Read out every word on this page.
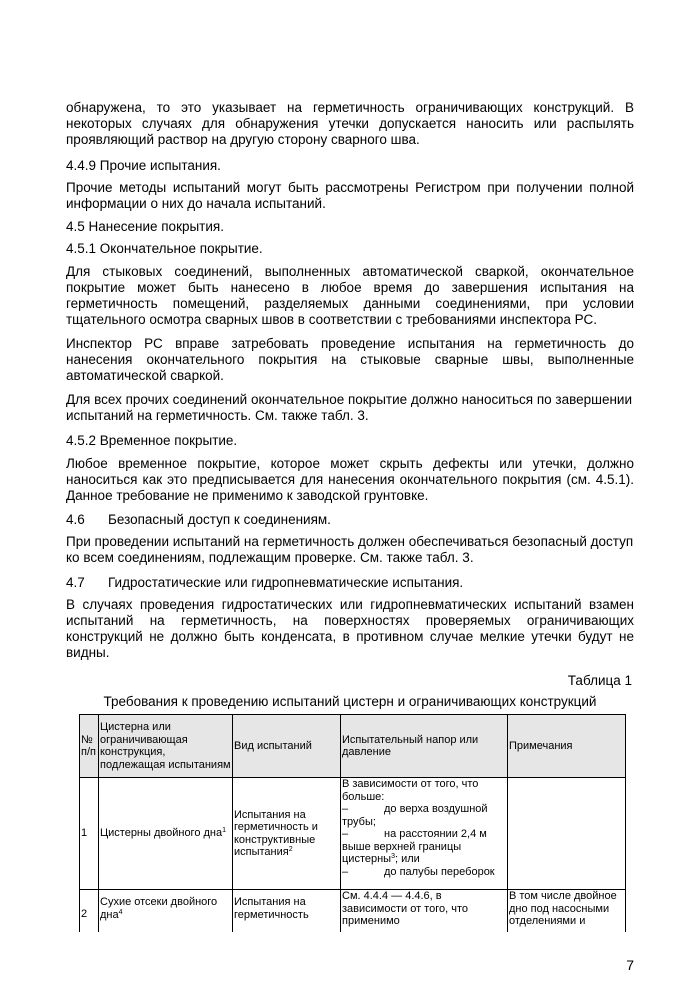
обнаружена, то это указывает на герметичность ограничивающих конструкций. В некоторых случаях для обнаружения утечки допускается наносить или распылять проявляющий раствор на другую сторону сварного шва.

4.4.9 Прочие испытания.

Прочие методы испытаний могут быть рассмотрены Регистром при получении полной информации о них до начала испытаний.

4.5 Нанесение покрытия.

4.5.1 Окончательное покрытие.

Для стыковых соединений, выполненных автоматической сваркой, окончательное покрытие может быть нанесено в любое время до завершения испытания на герметичность помещений, разделяемых данными соединениями, при условии тщательного осмотра сварных швов в соответствии с требованиями инспектора РС.

Инспектор РС вправе затребовать проведение испытания на герметичность до нанесения окончательного покрытия на стыковые сварные швы, выполненные автоматической сваркой.

Для всех прочих соединений окончательное покрытие должно наноситься по завершении испытаний на герметичность. См. также табл. 3.

4.5.2 Временное покрытие.

Любое временное покрытие, которое может скрыть дефекты или утечки, должно наноситься как это предписывается для нанесения окончательного покрытия (см. 4.5.1). Данное требование не применимо к заводской грунтовке.

4.6 Безопасный доступ к соединениям.

При проведении испытаний на герметичность должен обеспечиваться безопасный доступ ко всем соединениям, подлежащим проверке. См. также табл. 3.

4.7 Гидростатические или гидропневматические испытания.

В случаях проведения гидростатических или гидропневматических испытаний взамен испытаний на герметичность, на поверхностях проверяемых ограничивающих конструкций не должно быть конденсата, в противном случае мелкие утечки будут не видны.

Таблица 1
Требования к проведению испытаний цистерн и ограничивающих конструкций
№ п/п	Цистерна или ограничивающая конструкция, подлежащая испытаниям	Вид испытаний	Испытательный напор или давление	Примечания
1	Цистерны двойного дна$^1$	Испытания на герметичность и конструктивные испытания$^2$	В зависимости от того, что больше:
– до верха воздушной трубы;
– на расстоянии 2,4 м выше верхней границы цистерны$^3$; или
– до палубы переборок	

2	Сухие отсеки двойного дна$^4$	Испытания на герметичность	См. 4.4.4 — 4.4.6, в зависимости от того, что применимо	В том числе двойное дно под насосными отделениями и
7
